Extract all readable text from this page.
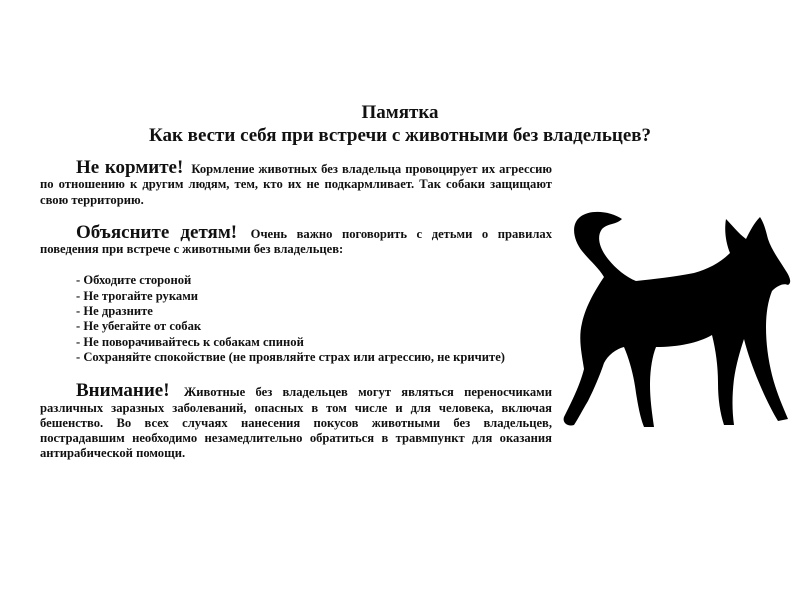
Памятка
Как вести себя при встречи с животными без владельцев?

Не кормите! Кормление животных без владельца провоцирует их агрессию по отношению к другим людям, тем, кто их не подкармливает. Так собаки защищают свою территорию.

Объясните детям! Очень важно поговорить с детьми о правилах поведения при встрече с животными без владельцев:

- Обходите стороной
- Не трогайте руками
- Не дразните
- Не убегайте от собак
- Не поворачивайтесь к собакам спиной
- Сохраняйте спокойствие (не проявляйте страх или агрессию, не кричите)

Внимание! Животные без владельцев могут являться переносчиками различных заразных заболеваний, опасных в том числе и для человека, включая бешенство. Во всех случаях нанесения покусов животными без владельцев, пострадавшим необходимо незамедлительно обратиться в травмпункт для оказания антирабической помощи.
